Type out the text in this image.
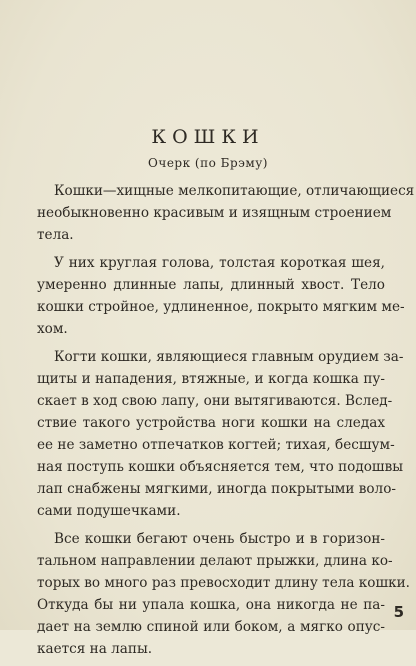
КОШКИ
Очерк (по Брэму)
Кошки—хищные мелкопитающие, отличающиеся
необыкновенно красивым и изящным строением
тела.
У них круглая голова, толстая короткая шея,
умеренно длинные лапы, длинный хвост. Тело
кошки стройное, удлиненное, покрыто мягким ме-
хом.
Когти кошки, являющиеся главным орудием за-
щиты и нападения, втяжные, и когда кошка пу-
скает в ход свою лапу, они вытягиваются. Вслед-
ствие такого устройства ноги кошки на следах
ее не заметно отпечатков когтей; тихая, бесшум-
ная поступь кошки объясняется тем, что подошвы
лап снабжены мягкими, иногда покрытыми воло-
сами подушечками.
Все кошки бегают очень быстро и в горизон-
тальном направлении делают прыжки, длина ко-
торых во много раз превосходит длину тела кошки.
Откуда бы ни упала кошка, она никогда не па-
дает на землю спиной или боком, а мягко опус-
кается на лапы.
5
